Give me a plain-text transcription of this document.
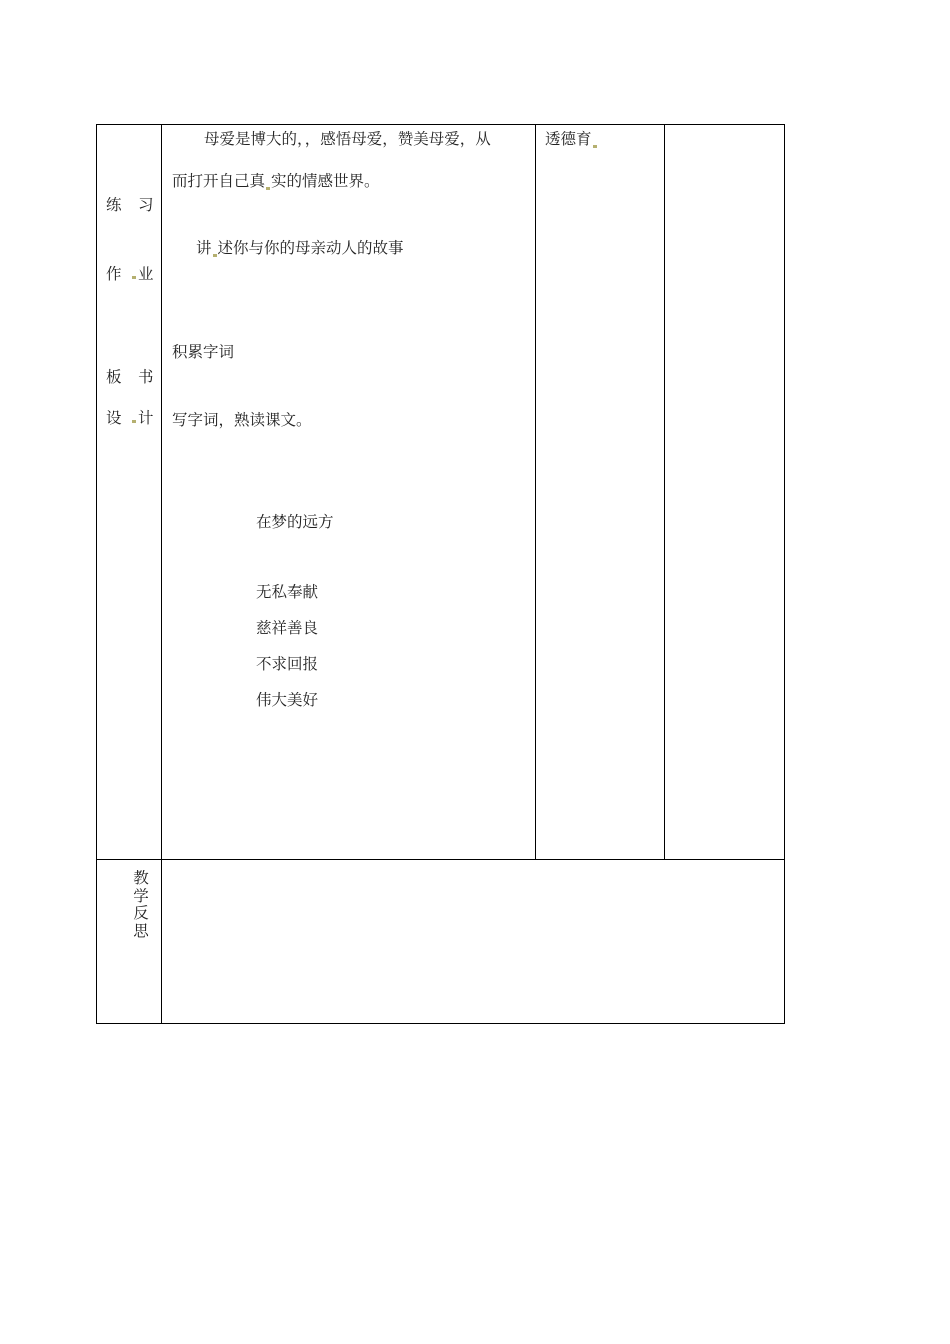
练 习
作 业
板 书
设 计
母爱是博大的，，感悟母爱，赞美母爱，从
而打开自己真 实的情感世界。
讲 述你与你的母亲动人的故事
积累字词
写字词，熟读课文。
在梦的远方
无私奉献
慈祥善良
不求回报
伟大美好
透德育
教
学
反
思
